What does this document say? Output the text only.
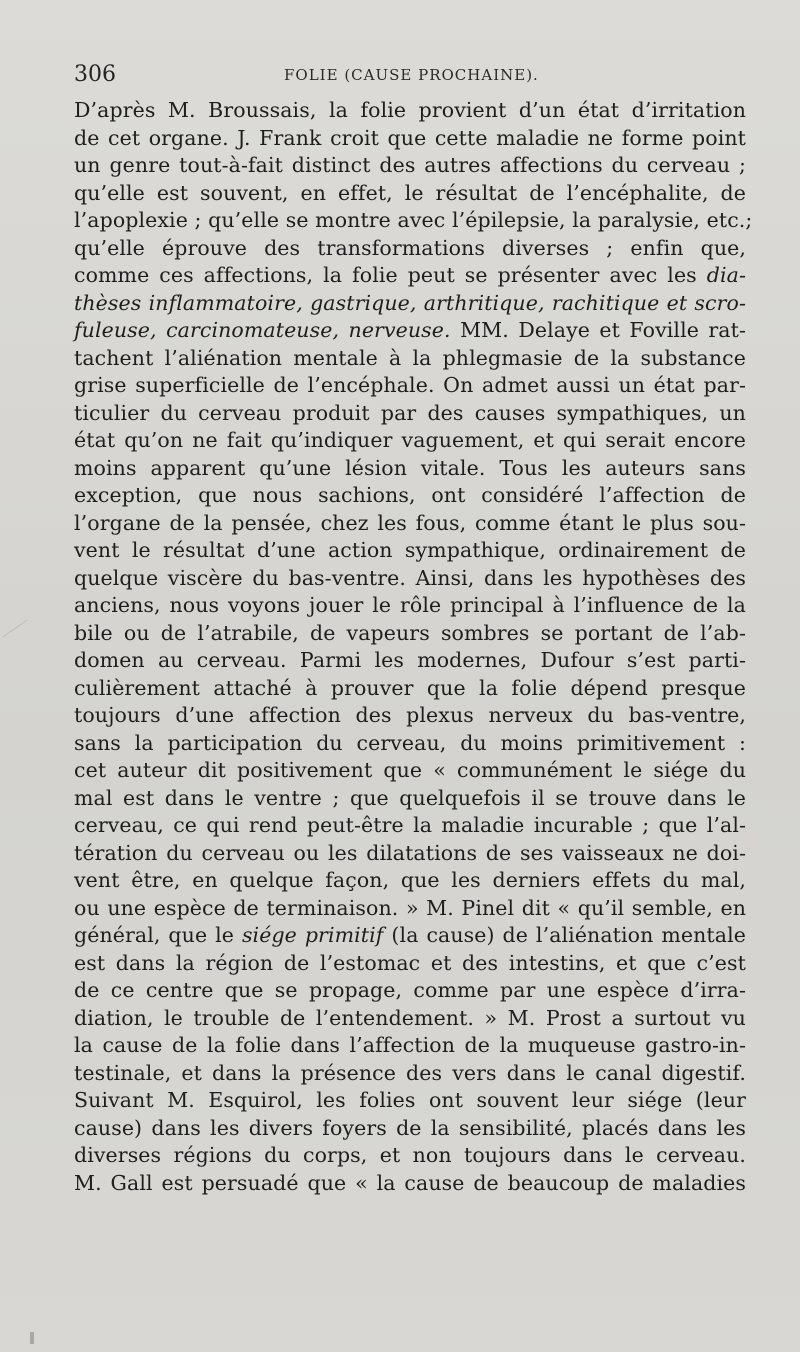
306	FOLIE (CAUSE PROCHAINE).
D’après M. Broussais, la folie provient d’un état d’irritation
de cet organe. J. Frank croit que cette maladie ne forme point
un genre tout-à-fait distinct des autres affections du cerveau ;
qu’elle est souvent, en effet, le résultat de l’encéphalite, de
l’apoplexie ; qu’elle se montre avec l’épilepsie, la paralysie, etc.;
qu’elle éprouve des transformations diverses ; enfin que,
comme ces affections, la folie peut se présenter avec les dia-
thèses inflammatoire, gastrique, arthritique, rachitique et scro-
fuleuse, carcinomateuse, nerveuse. MM. Delaye et Foville rat-
tachent l’aliénation mentale à la phlegmasie de la substance
grise superficielle de l’encéphale. On admet aussi un état par-
ticulier du cerveau produit par des causes sympathiques, un
état qu’on ne fait qu’indiquer vaguement, et qui serait encore
moins apparent qu’une lésion vitale. Tous les auteurs sans
exception, que nous sachions, ont considéré l’affection de
l’organe de la pensée, chez les fous, comme étant le plus sou-
vent le résultat d’une action sympathique, ordinairement de
quelque viscère du bas-ventre. Ainsi, dans les hypothèses des
anciens, nous voyons jouer le rôle principal à l’influence de la
bile ou de l’atrabile, de vapeurs sombres se portant de l’ab-
domen au cerveau. Parmi les modernes, Dufour s’est parti-
culièrement attaché à prouver que la folie dépend presque
toujours d’une affection des plexus nerveux du bas-ventre,
sans la participation du cerveau, du moins primitivement :
cet auteur dit positivement que « communément le siége du
mal est dans le ventre ; que quelquefois il se trouve dans le
cerveau, ce qui rend peut-être la maladie incurable ; que l’al-
tération du cerveau ou les dilatations de ses vaisseaux ne doi-
vent être, en quelque façon, que les derniers effets du mal,
ou une espèce de terminaison. » M. Pinel dit « qu’il semble, en
général, que le siége primitif (la cause) de l’aliénation mentale
est dans la région de l’estomac et des intestins, et que c’est
de ce centre que se propage, comme par une espèce d’irra-
diation, le trouble de l’entendement. » M. Prost a surtout vu
la cause de la folie dans l’affection de la muqueuse gastro-in-
testinale, et dans la présence des vers dans le canal digestif.
Suivant M. Esquirol, les folies ont souvent leur siége (leur
cause) dans les divers foyers de la sensibilité, placés dans les
diverses régions du corps, et non toujours dans le cerveau.
M. Gall est persuadé que « la cause de beaucoup de maladies
